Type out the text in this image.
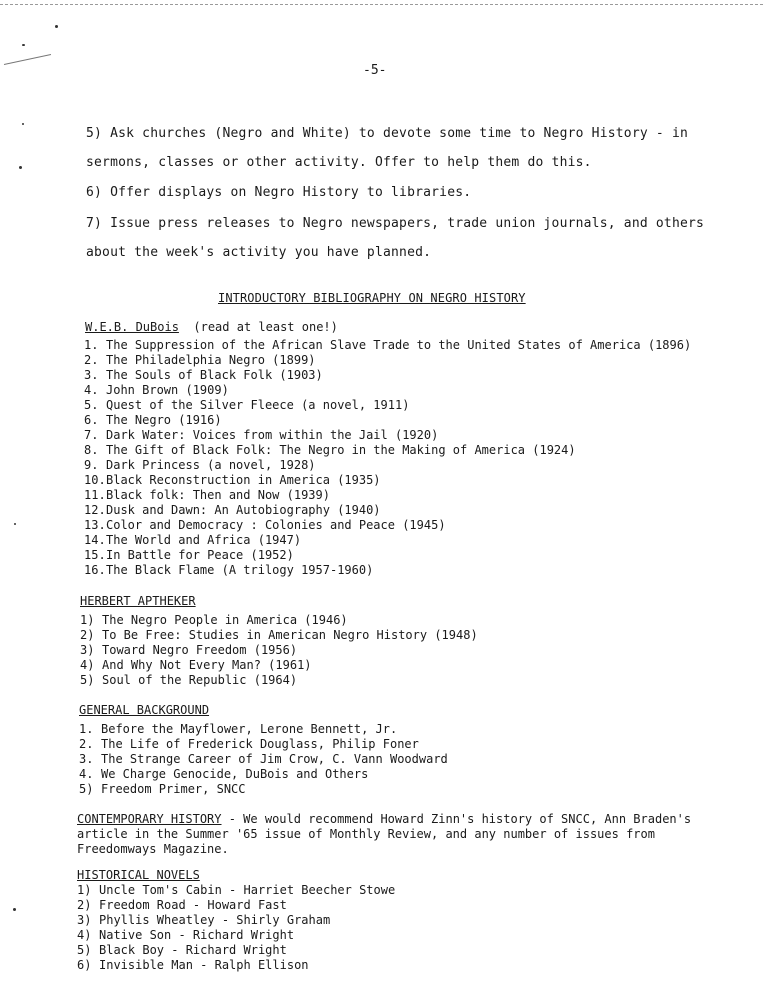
-5-
5) Ask churches (Negro and White) to devote some time to Negro History - in
sermons, classes or other activity. Offer to help them do this.
6) Offer displays on Negro History to libraries.
7) Issue press releases to Negro newspapers, trade union journals, and others
about the week's activity you have planned.
INTRODUCTORY BIBLIOGRAPHY ON NEGRO HISTORY
W.E.B. DuBois (read at least one!)
1. The Suppression of the African Slave Trade to the United States of America (1896)
2. The Philadelphia Negro (1899)
3. The Souls of Black Folk (1903)
4. John Brown (1909)
5. Quest of the Silver Fleece (a novel, 1911)
6. The Negro (1916)
7. Dark Water: Voices from within the Jail (1920)
8. The Gift of Black Folk: The Negro in the Making of America (1924)
9. Dark Princess (a novel, 1928)
10.Black Reconstruction in America (1935)
11.Black folk: Then and Now (1939)
12.Dusk and Dawn: An Autobiography (1940)
13.Color and Democracy : Colonies and Peace (1945)
14.The World and Africa (1947)
15.In Battle for Peace (1952)
16.The Black Flame (A trilogy 1957-1960)
HERBERT APTHEKER
1) The Negro People in America (1946)
2) To Be Free: Studies in American Negro History (1948)
3) Toward Negro Freedom (1956)
4) And Why Not Every Man? (1961)
5) Soul of the Republic (1964)
GENERAL BACKGROUND
1. Before the Mayflower, Lerone Bennett, Jr.
2. The Life of Frederick Douglass, Philip Foner
3. The Strange Career of Jim Crow, C. Vann Woodward
4. We Charge Genocide, DuBois and Others
5) Freedom Primer, SNCC

CONTEMPORARY HISTORY - We would recommend Howard Zinn's history of SNCC, Ann Braden's article in the Summer '65 issue of Monthly Review, and any number of issues from Freedomways Magazine.

HISTORICAL NOVELS
1) Uncle Tom's Cabin - Harriet Beecher Stowe
2) Freedom Road - Howard Fast
3) Phyllis Wheatley - Shirly Graham
4) Native Son - Richard Wright
5) Black Boy - Richard Wright
6) Invisible Man - Ralph Ellison
